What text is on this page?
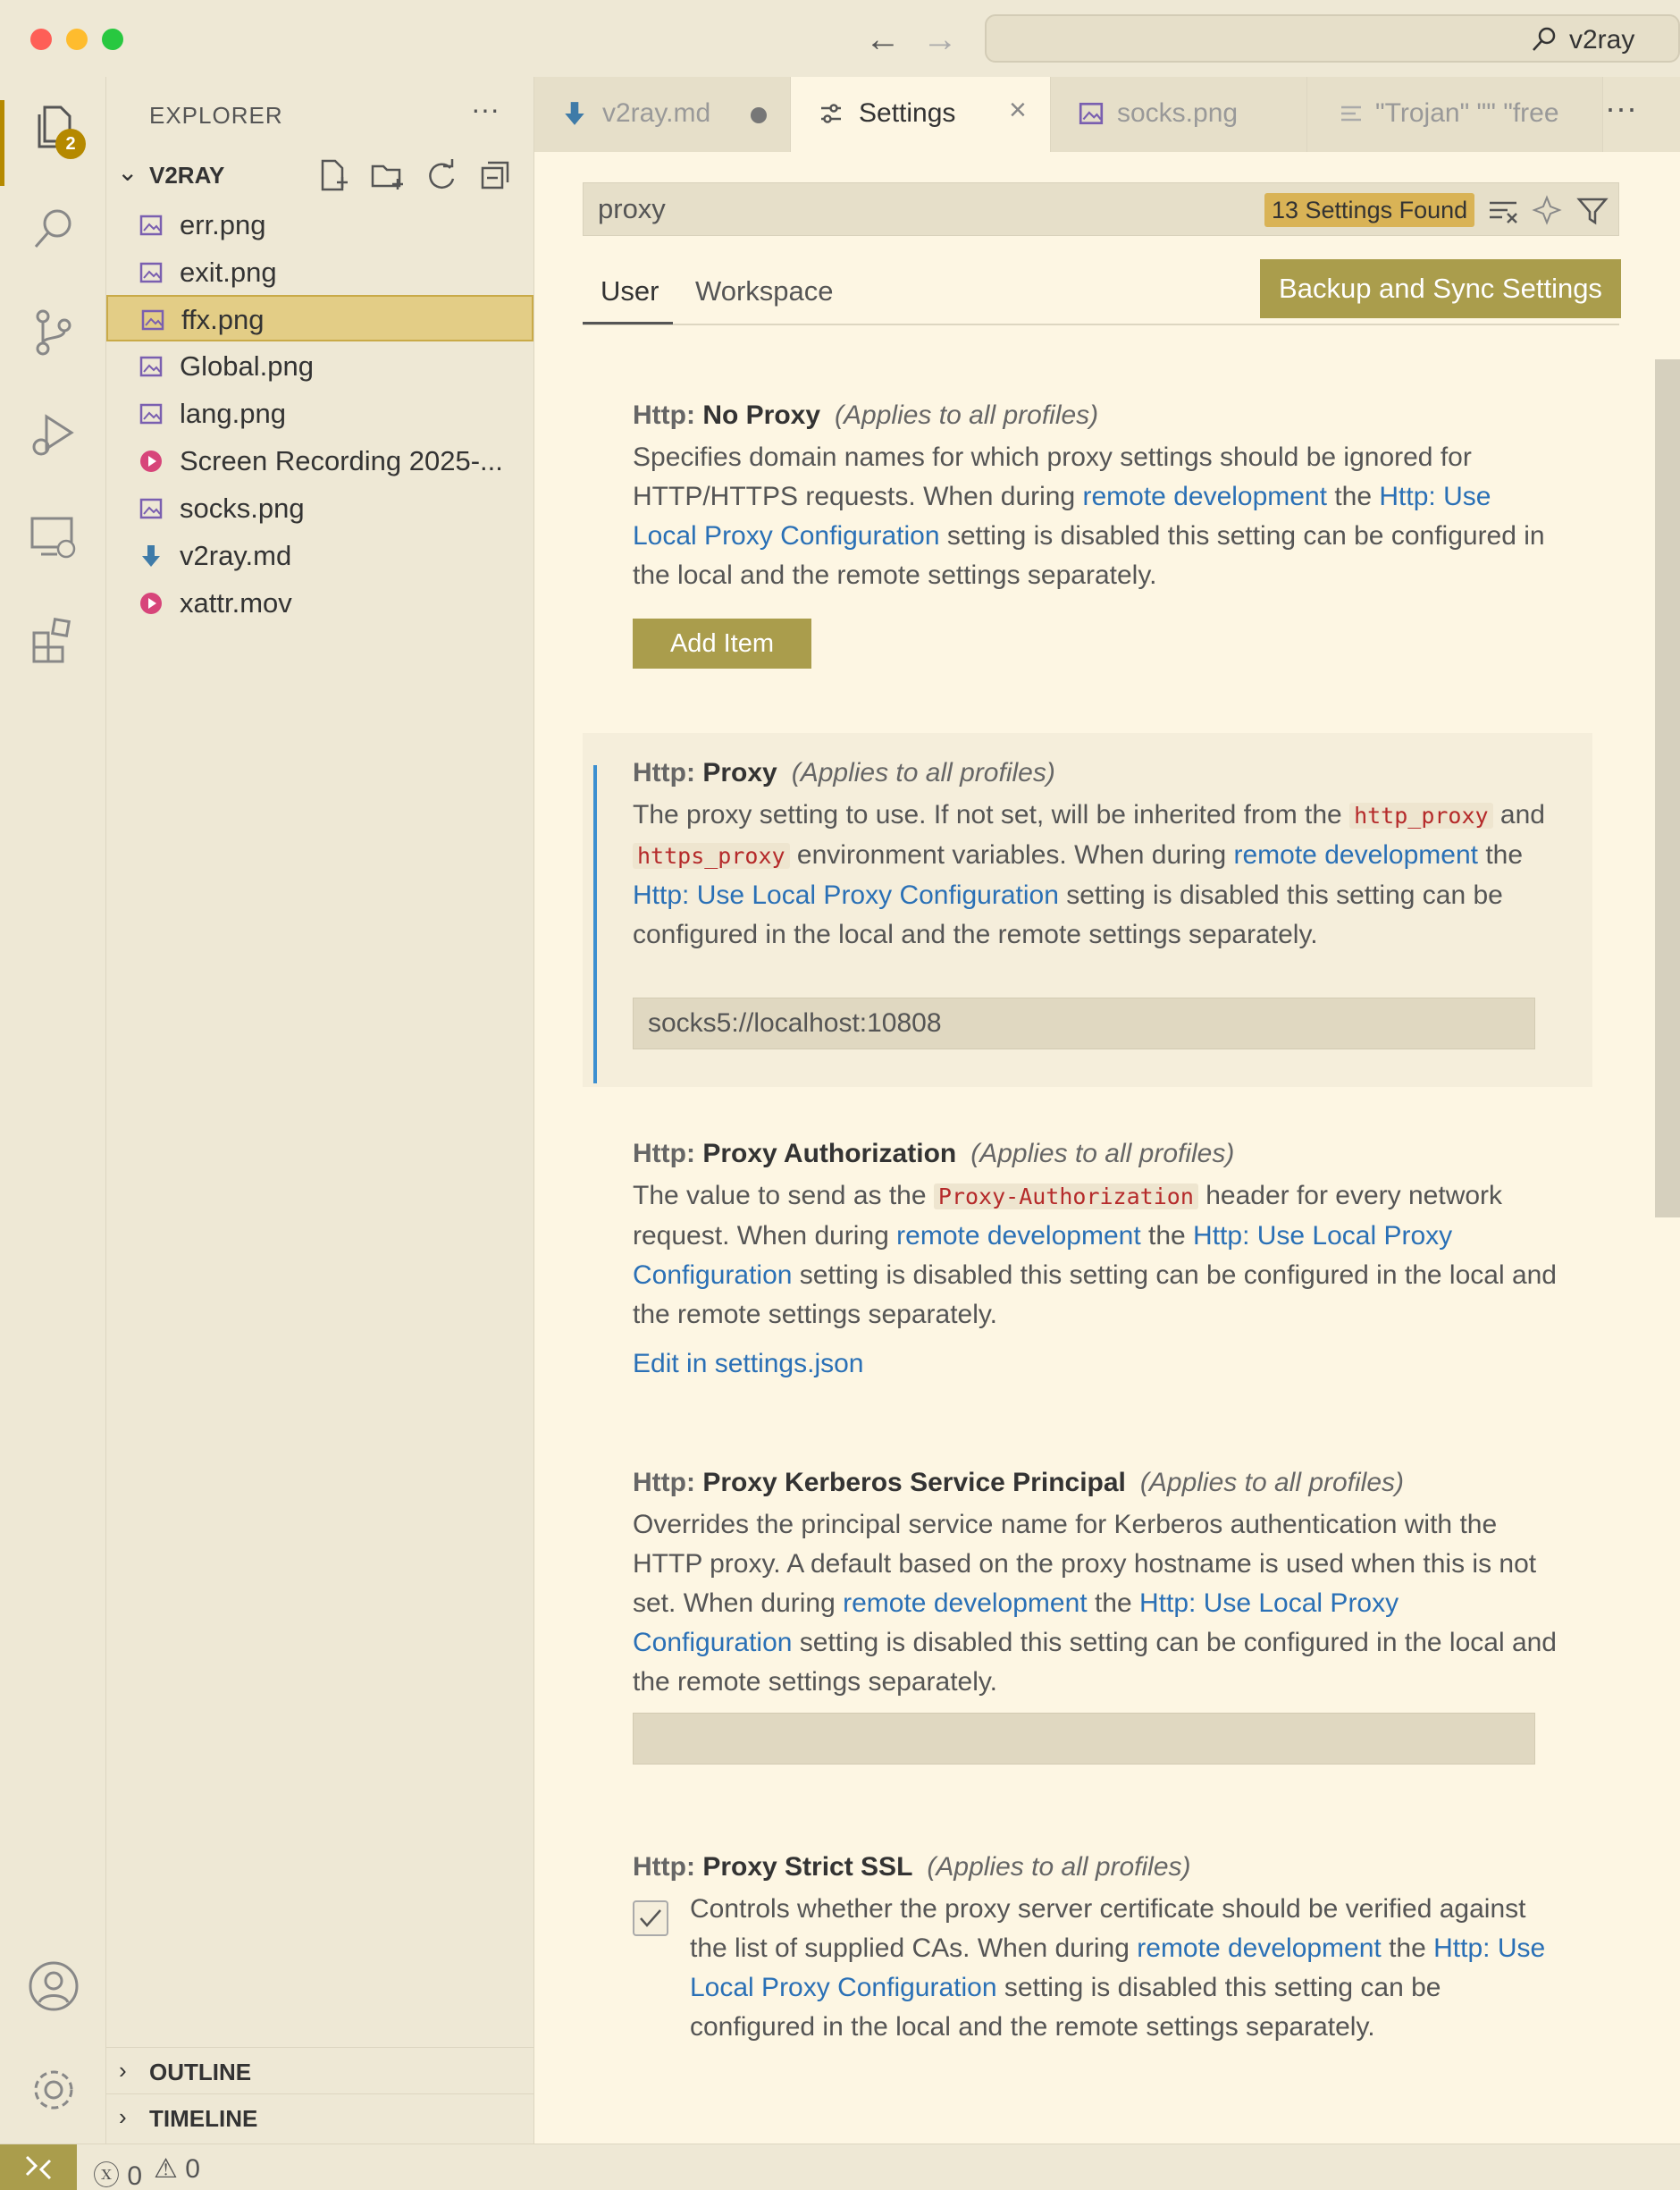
← →	v2ray
2
EXPLORER	···
⌄ V2RAY

err.png
exit.png
ffx.png
Global.png
lang.png
Screen Recording 2025-...
socks.png
v2ray.md
xattr.mov
› OUTLINE
› TIMELINE
v2ray.md	Settings ×	socks.png	"Trojan" "" "free ···
proxy	13 Settings Found
User	Workspace	Backup and Sync Settings
Http: No Proxy (Applies to all profiles)
Specifies domain names for which proxy settings should be ignored for HTTP/HTTPS requests. When during remote development the Http: Use Local Proxy Configuration setting is disabled this setting can be configured in the local and the remote settings separately.
Add Item
Http: Proxy (Applies to all profiles)
The proxy setting to use. If not set, will be inherited from the http_proxy and https_proxy environment variables. When during remote development the Http: Use Local Proxy Configuration setting is disabled this setting can be configured in the local and the remote settings separately.
socks5://localhost:10808
Http: Proxy Authorization (Applies to all profiles)
The value to send as the Proxy-Authorization header for every network request. When during remote development the Http: Use Local Proxy Configuration setting is disabled this setting can be configured in the local and the remote settings separately.
Edit in settings.json
Http: Proxy Kerberos Service Principal (Applies to all profiles)
Overrides the principal service name for Kerberos authentication with the HTTP proxy. A default based on the proxy hostname is used when this is not set. When during remote development the Http: Use Local Proxy Configuration setting is disabled this setting can be configured in the local and the remote settings separately.
Http: Proxy Strict SSL (Applies to all profiles)
Controls whether the proxy server certificate should be verified against the list of supplied CAs. When during remote development the Http: Use Local Proxy Configuration setting is disabled this setting can be configured in the local and the remote settings separately.
ⓧ 0 ⚠ 0
